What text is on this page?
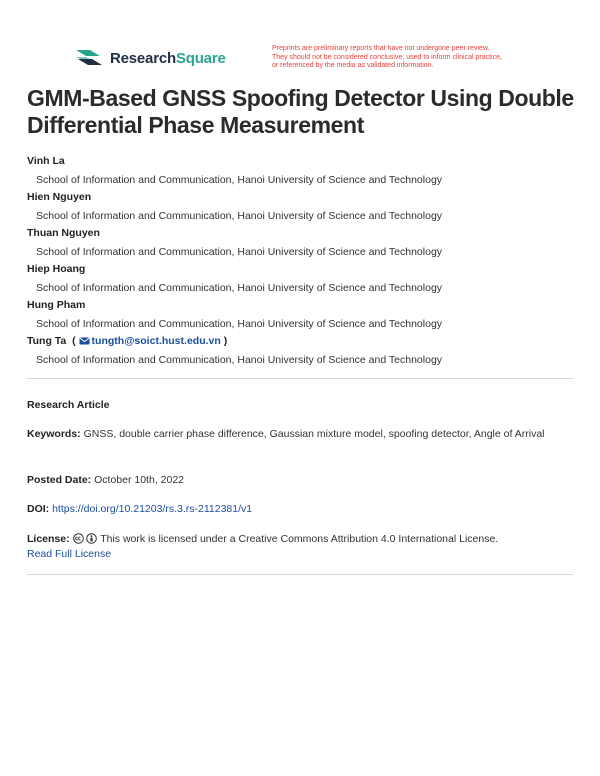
ResearchSquare
Preprints are preliminary reports that have not undergone peer review.
They should not be considered conclusive, used to inform clinical practice,
or referenced by the media as validated information.
GMM-Based GNSS Spoofing Detector Using Double Differential Phase Measurement
Vinh La
School of Information and Communication, Hanoi University of Science and Technology
Hien Nguyen
School of Information and Communication, Hanoi University of Science and Technology
Thuan Nguyen
School of Information and Communication, Hanoi University of Science and Technology
Hiep Hoang
School of Information and Communication, Hanoi University of Science and Technology
Hung Pham
School of Information and Communication, Hanoi University of Science and Technology
Tung Ta  ( tungth@soict.hust.edu.vn )
School of Information and Communication, Hanoi University of Science and Technology
Research Article
Keywords: GNSS, double carrier phase difference, Gaussian mixture model, spoofing detector, Angle of Arrival
Posted Date: October 10th, 2022
DOI: https://doi.org/10.21203/rs.3.rs-2112381/v1
License:	This work is licensed under a Creative Commons Attribution 4.0 International License.
Read Full License
